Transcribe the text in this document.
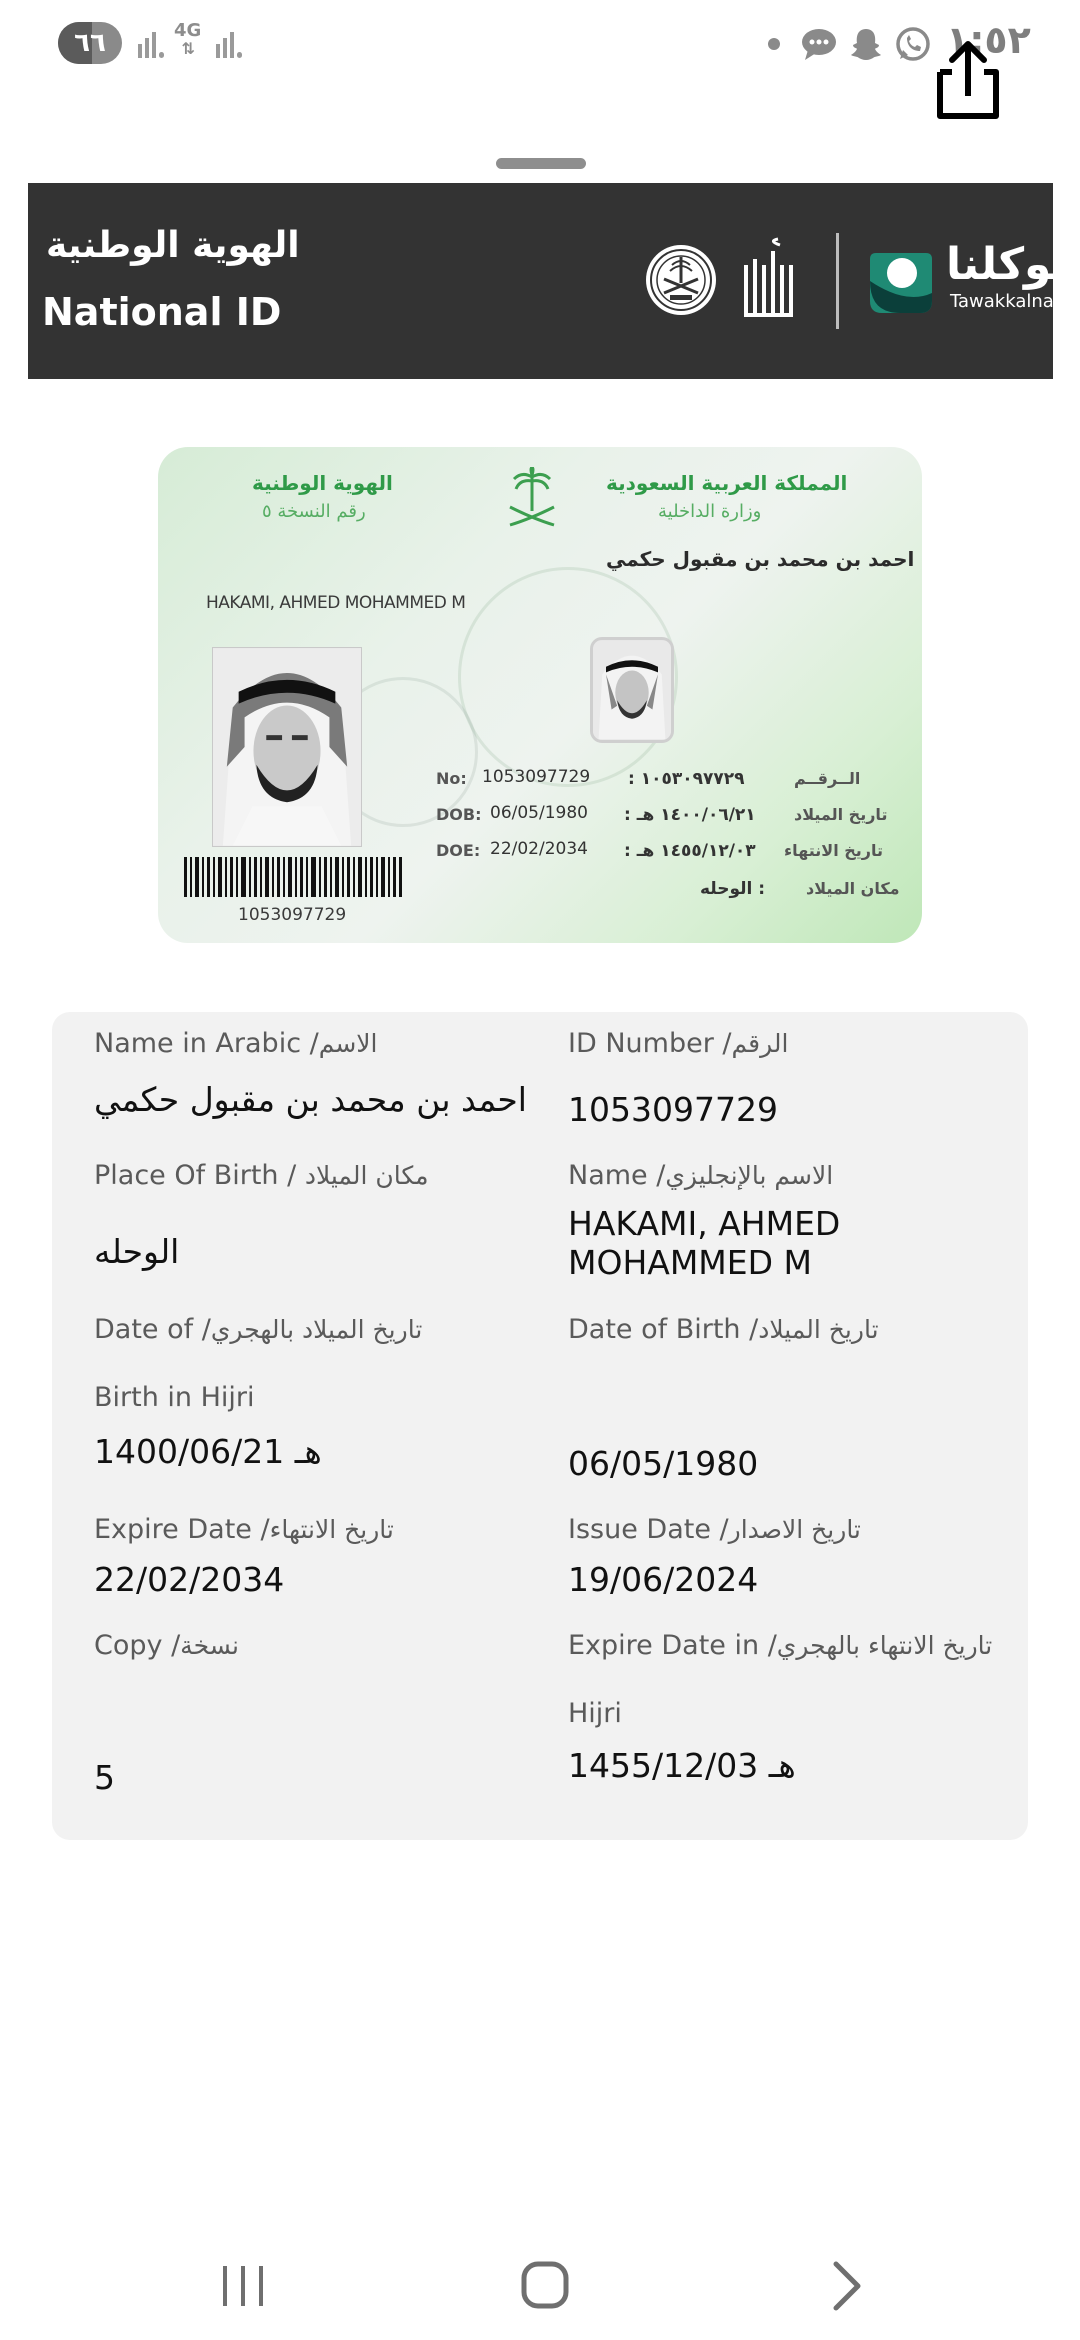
٦٦	4G
⇅	١:٥٢
الهوية الوطنية
National ID
توكلنا
Tawakkalna
الهوية الوطنية
رقم النسخة ٥
المملكة العربية السعودية
وزارة الداخلية
احمد بن محمد بن مقبول حكمي
HAKAMI, AHMED MOHAMMED M
1053097729
No: 1053097729
DOB: 06/05/1980
DOE: 22/02/2034
١٠٥٣٠٩٧٧٢٩ :	الــرقــم
١٤٠٠/٠٦/٢١ هـ : تاريخ الميلاد
١٤٥٥/١٢/٠٣ هـ : تاريخ الانتهاء
: الوحله	مكان الميلاد
Name in Arabic /الاسم
احمد بن محمد بن مقبول حكمي
ID Number /الرقم
1053097729
Place Of Birth / مكان الميلاد
الوحله
Name /الاسم بالإنجليزي
HAKAMI, AHMED MOHAMMED M
Date of /تاريخ الميلاد بالهجري
Birth in Hijri
هـ 1400/06/21
Date of Birth /تاريخ الميلاد
06/05/1980
Expire Date /تاريخ الانتهاء
22/02/2034
Issue Date /تاريخ الاصدار
19/06/2024
Copy /نسخة
5
Expire Date in /تاريخ الانتهاء بالهجري
Hijri
هـ 1455/12/03
